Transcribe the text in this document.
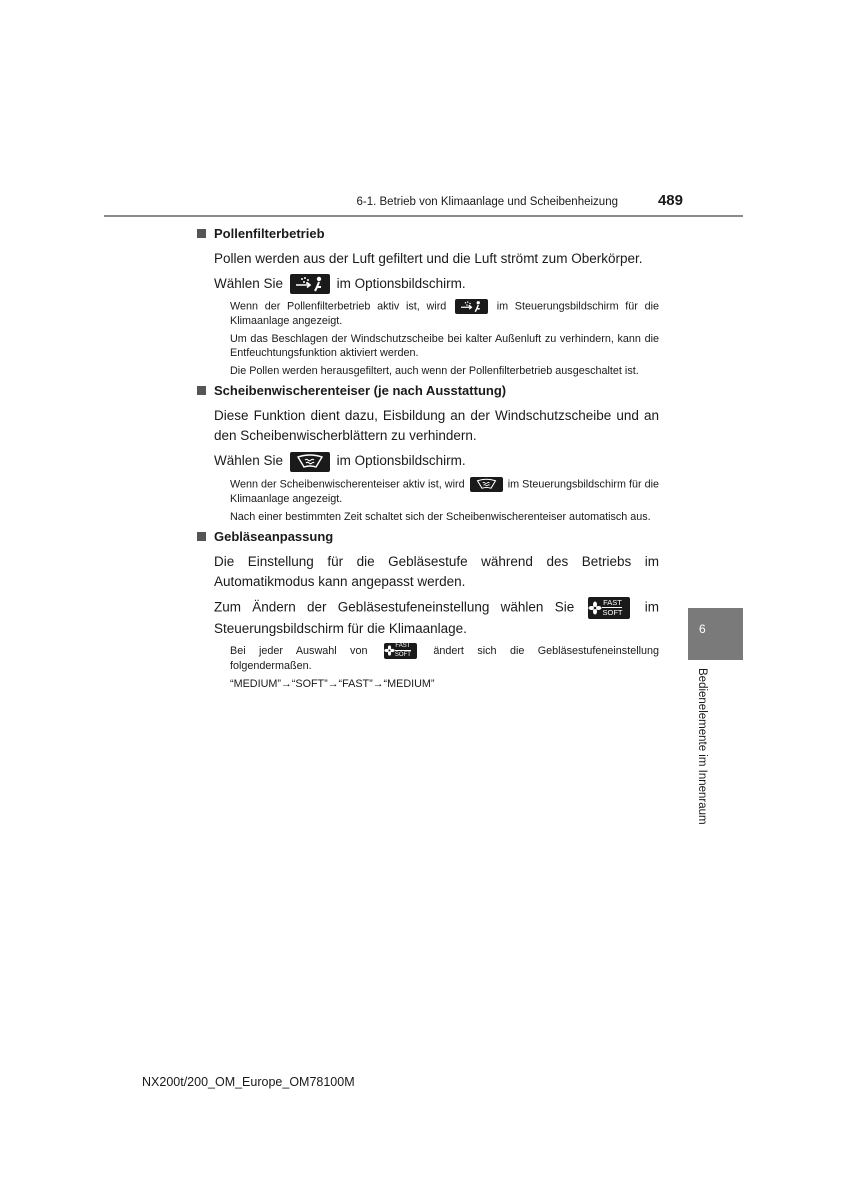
6-1. Betrieb von Klimaanlage und Scheibenheizung	489
Pollenfilterbetrieb
Pollen werden aus der Luft gefiltert und die Luft strömt zum Oberkörper.
Wählen Sie	im Optionsbildschirm.
Wenn der Pollenfilterbetrieb aktiv ist, wird	im Steuerungsbildschirm für die Klimaanlage angezeigt.
Um das Beschlagen der Windschutzscheibe bei kalter Außenluft zu verhindern, kann die Entfeuchtungsfunktion aktiviert werden.
Die Pollen werden herausgefiltert, auch wenn der Pollenfilterbetrieb ausgeschaltet ist.
Scheibenwischerenteiser (je nach Ausstattung)
Diese Funktion dient dazu, Eisbildung an der Windschutzscheibe und an den Scheibenwischerblättern zu verhindern.
Wählen Sie	im Optionsbildschirm.
Wenn der Scheibenwischerenteiser aktiv ist, wird	im Steuerungsbildschirm für die Klimaanlage angezeigt.
Nach einer bestimmten Zeit schaltet sich der Scheibenwischerenteiser automatisch aus.
Gebläseanpassung
Die Einstellung für die Gebläsestufe während des Betriebs im Automatikmodus kann angepasst werden.
Zum Ändern der Gebläsestufeneinstellung wählen Sie	FAST
SOFT im Steuerungsbildschirm für die Klimaanlage.
Bei jeder Auswahl von	FAST
SOFT ändert sich die Gebläsestufeneinstellung folgendermaßen.
“MEDIUM”→“SOFT”→“FAST”→“MEDIUM”
6
Bedienelemente im Innenraum
NX200t/200_OM_Europe_OM78100M
